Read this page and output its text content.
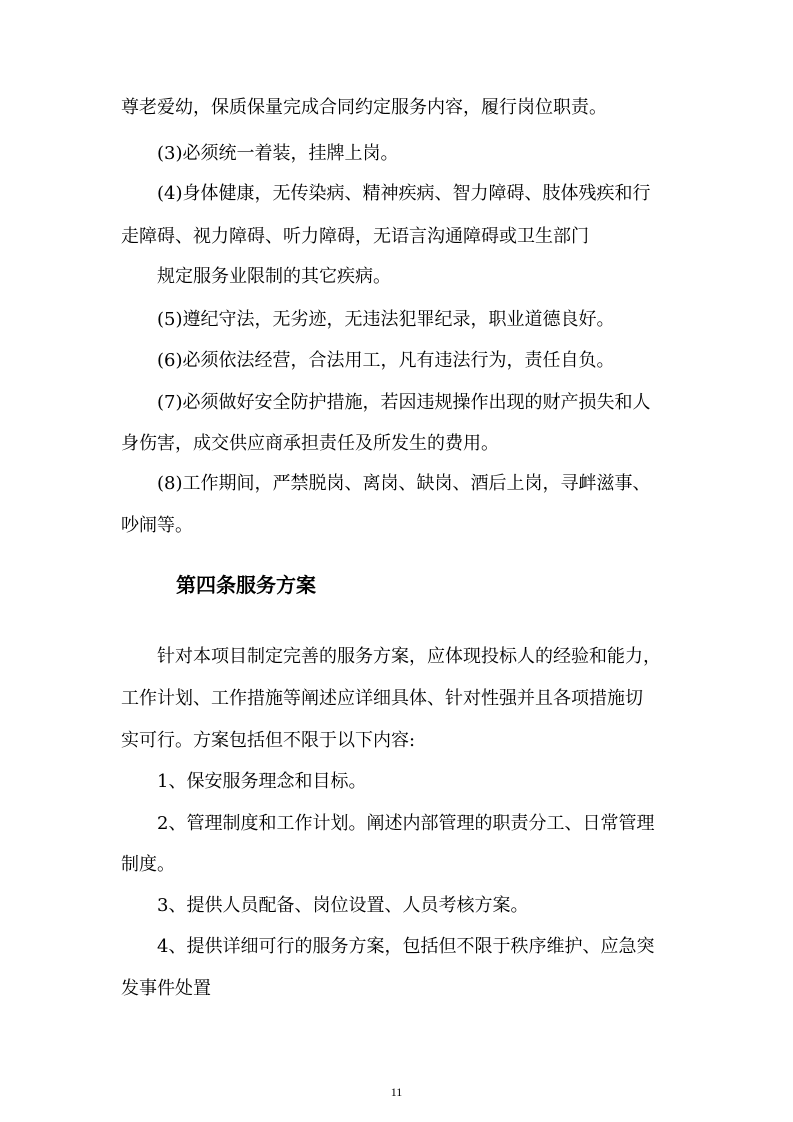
尊老爱幼，保质保量完成合同约定服务内容，履行岗位职责。

(3)必须统一着装，挂牌上岗。

(4)身体健康，无传染病、精神疾病、智力障碍、肢体残疾和行

走障碍、视力障碍、听力障碍，无语言沟通障碍或卫生部门

规定服务业限制的其它疾病。

(5)遵纪守法，无劣迹，无违法犯罪纪录，职业道德良好。

(6)必须依法经营，合法用工，凡有违法行为，责任自负。

(7)必须做好安全防护措施，若因违规操作出现的财产损失和人

身伤害，成交供应商承担责任及所发生的费用。

(8)工作期间，严禁脱岗、离岗、缺岗、酒后上岗，寻衅滋事、

吵闹等。

第四条服务方案

针对本项目制定完善的服务方案，应体现投标人的经验和能力，

工作计划、工作措施等阐述应详细具体、针对性强并且各项措施切

实可行。方案包括但不限于以下内容:

1、保安服务理念和目标。

2、管理制度和工作计划。阐述内部管理的职责分工、日常管理

制度。

3、提供人员配备、岗位设置、人员考核方案。

4、提供详细可行的服务方案，包括但不限于秩序维护、应急突

发事件处置

11
